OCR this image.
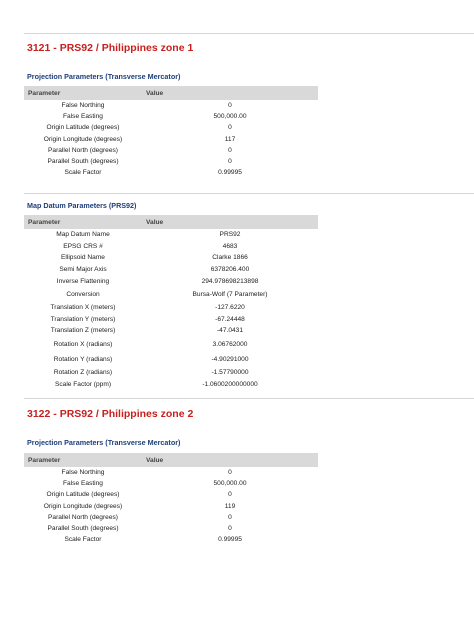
3121 - PRS92 / Philippines zone 1
Projection Parameters (Transverse Mercator)
Parameter	Value
False Northing	0
False Easting	500,000.00
Origin Latitude (degrees)	0
Origin Longitude (degrees)	117
Parallel North (degrees)	0
Parallel South (degrees)	0
Scale Factor	0.99995
Map Datum Parameters (PRS92)
Parameter	Value
Map Datum Name	PRS92
EPSG CRS #	4683
Ellipsoid Name	Clarke 1866
Semi Major Axis	6378206.400
Inverse Flattening	294.978698213898
Conversion	Bursa-Wolf (7 Parameter)
Translation X (meters)	-127.6220
Translation Y (meters)	-67.24448
Translation Z (meters)	-47.0431
Rotation X (radians)	3.06762000
Rotation Y (radians)	-4.90291000
Rotation Z (radians)	-1.57790000
Scale Factor (ppm)	-1.0600200000000
3122 - PRS92 / Philippines zone 2
Projection Parameters (Transverse Mercator)
Parameter	Value
False Northing	0
False Easting	500,000.00
Origin Latitude (degrees)	0
Origin Longitude (degrees)	119
Parallel North (degrees)	0
Parallel South (degrees)	0
Scale Factor	0.99995
